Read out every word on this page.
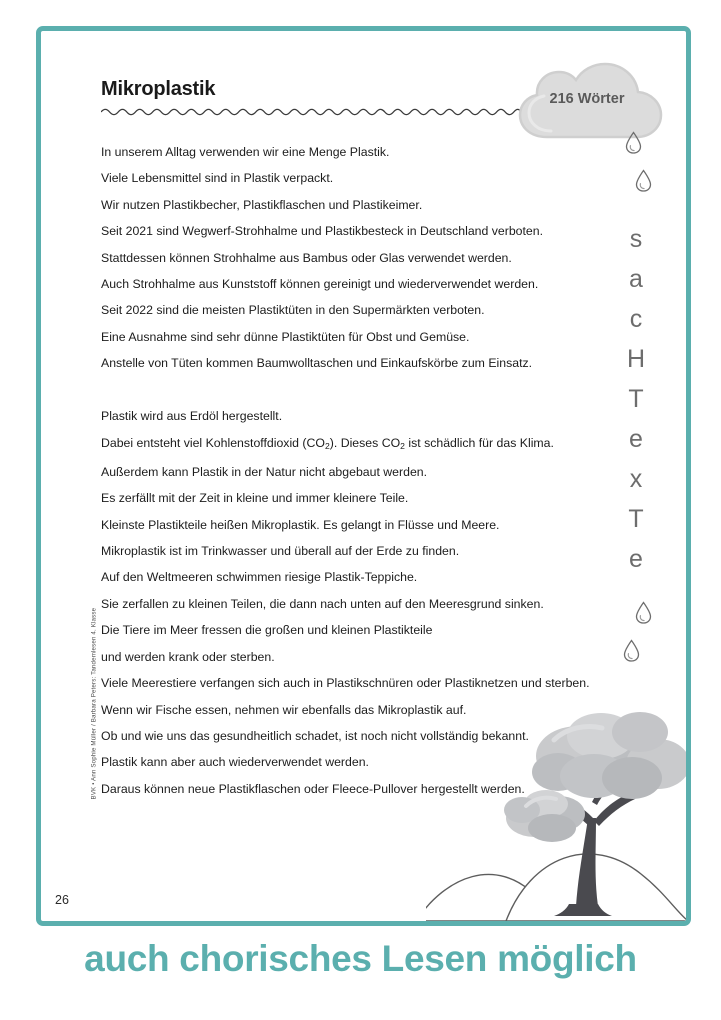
Mikroplastik	216 Wörter
In unserem Alltag verwenden wir eine Menge Plastik.
Viele Lebensmittel sind in Plastik verpackt.
Wir nutzen Plastikbecher, Plastikflaschen und Plastikeimer.
Seit 2021 sind Wegwerf-Strohhalme und Plastikbesteck in Deutschland verboten.
Stattdessen können Strohhalme aus Bambus oder Glas verwendet werden.
Auch Strohhalme aus Kunststoff können gereinigt und wiederverwendet werden.
Seit 2022 sind die meisten Plastiktüten in den Supermärkten verboten.
Eine Ausnahme sind sehr dünne Plastiktüten für Obst und Gemüse.
Anstelle von Tüten kommen Baumwolltaschen und Einkaufskörbe zum Einsatz.
Plastik wird aus Erdöl hergestellt.
Dabei entsteht viel Kohlenstoffdioxid $(CO_2)$. Dieses $CO_2$ ist schädlich für das Klima.
Außerdem kann Plastik in der Natur nicht abgebaut werden.
Es zerfällt mit der Zeit in kleine und immer kleinere Teile.
Kleinste Plastikteile heißen Mikroplastik. Es gelangt in Flüsse und Meere.
Mikroplastik ist im Trinkwasser und überall auf der Erde zu finden.
Auf den Weltmeeren schwimmen riesige Plastik-Teppiche.
Sie zerfallen zu kleinen Teilen, die dann nach unten auf den Meeresgrund sinken.
Die Tiere im Meer fressen die großen und kleinen Plastikteile
und werden krank oder sterben.
Viele Meerestiere verfangen sich auch in Plastikschnüren oder Plastiknetzen und sterben.
Wenn wir Fische essen, nehmen wir ebenfalls das Mikroplastik auf.
Ob und wie uns das gesundheitlich schadet, ist noch nicht vollständig bekannt.
Plastik kann aber auch wiederverwendet werden.
Daraus können neue Plastikflaschen oder Fleece-Pullover hergestellt werden.
s
a
c
H
T
e
x
T
e
BVK • Ann Sophie Müller / Barbara Peters: Tandemlesen 4. Klasse
26
auch chorisches Lesen möglich
